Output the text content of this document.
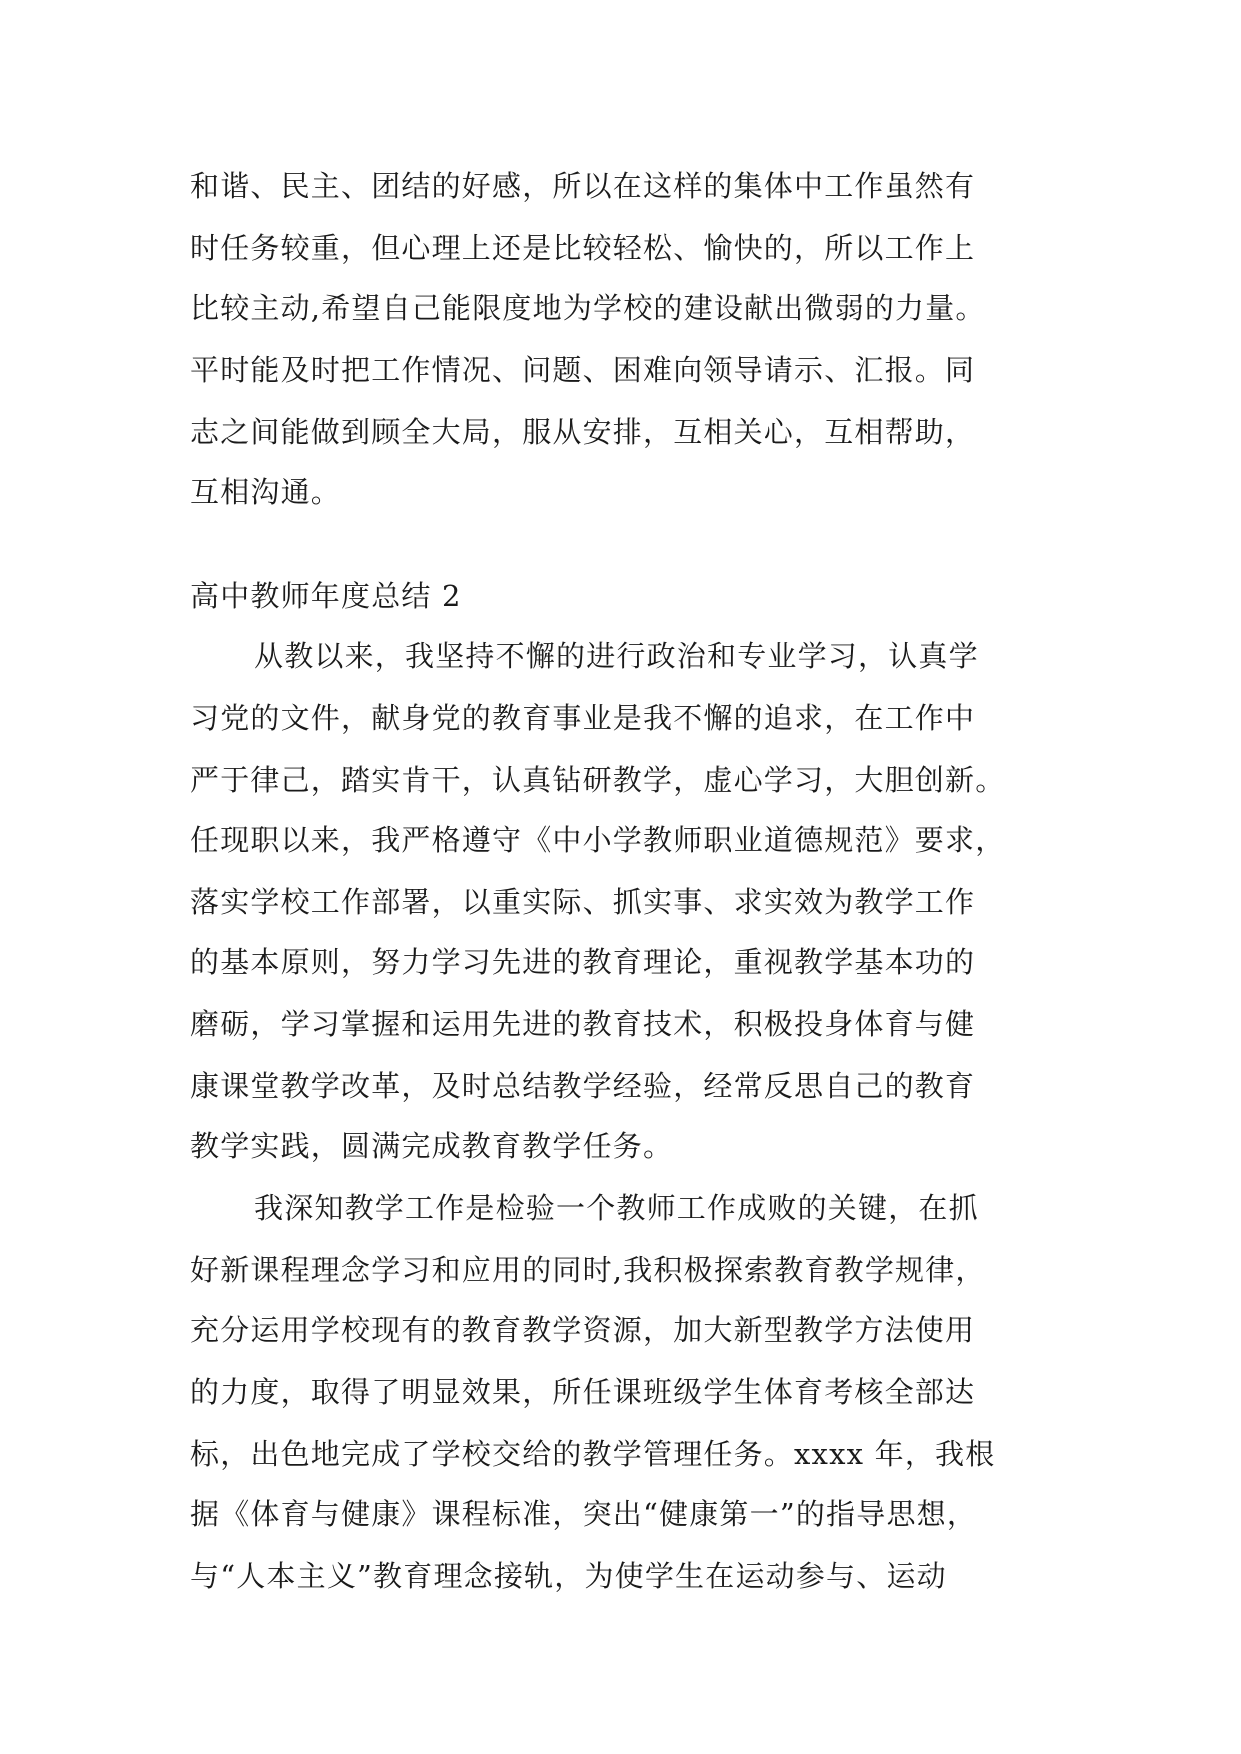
和谐、民主、团结的好感，所以在这样的集体中工作虽然有
时任务较重，但心理上还是比较轻松、愉快的，所以工作上
比较主动,希望自己能限度地为学校的建设献出微弱的力量。
平时能及时把工作情况、问题、困难向领导请示、汇报。同
志之间能做到顾全大局，服从安排，互相关心，互相帮助，
互相沟通。
高中教师年度总结 2
从教以来，我坚持不懈的进行政治和专业学习，认真学
习党的文件，献身党的教育事业是我不懈的追求，在工作中
严于律己，踏实肯干，认真钻研教学，虚心学习，大胆创新。
任现职以来，我严格遵守《中小学教师职业道德规范》要求，
落实学校工作部署，以重实际、抓实事、求实效为教学工作
的基本原则，努力学习先进的教育理论，重视教学基本功的
磨砺，学习掌握和运用先进的教育技术，积极投身体育与健
康课堂教学改革，及时总结教学经验，经常反思自己的教育
教学实践，圆满完成教育教学任务。
我深知教学工作是检验一个教师工作成败的关键，在抓
好新课程理念学习和应用的同时,我积极探索教育教学规律，
充分运用学校现有的教育教学资源，加大新型教学方法使用
的力度，取得了明显效果，所任课班级学生体育考核全部达
标，出色地完成了学校交给的教学管理任务。xxxx 年，我根
据《体育与健康》课程标准，突出“健康第一”的指导思想，
与“人本主义”教育理念接轨，为使学生在运动参与、运动
